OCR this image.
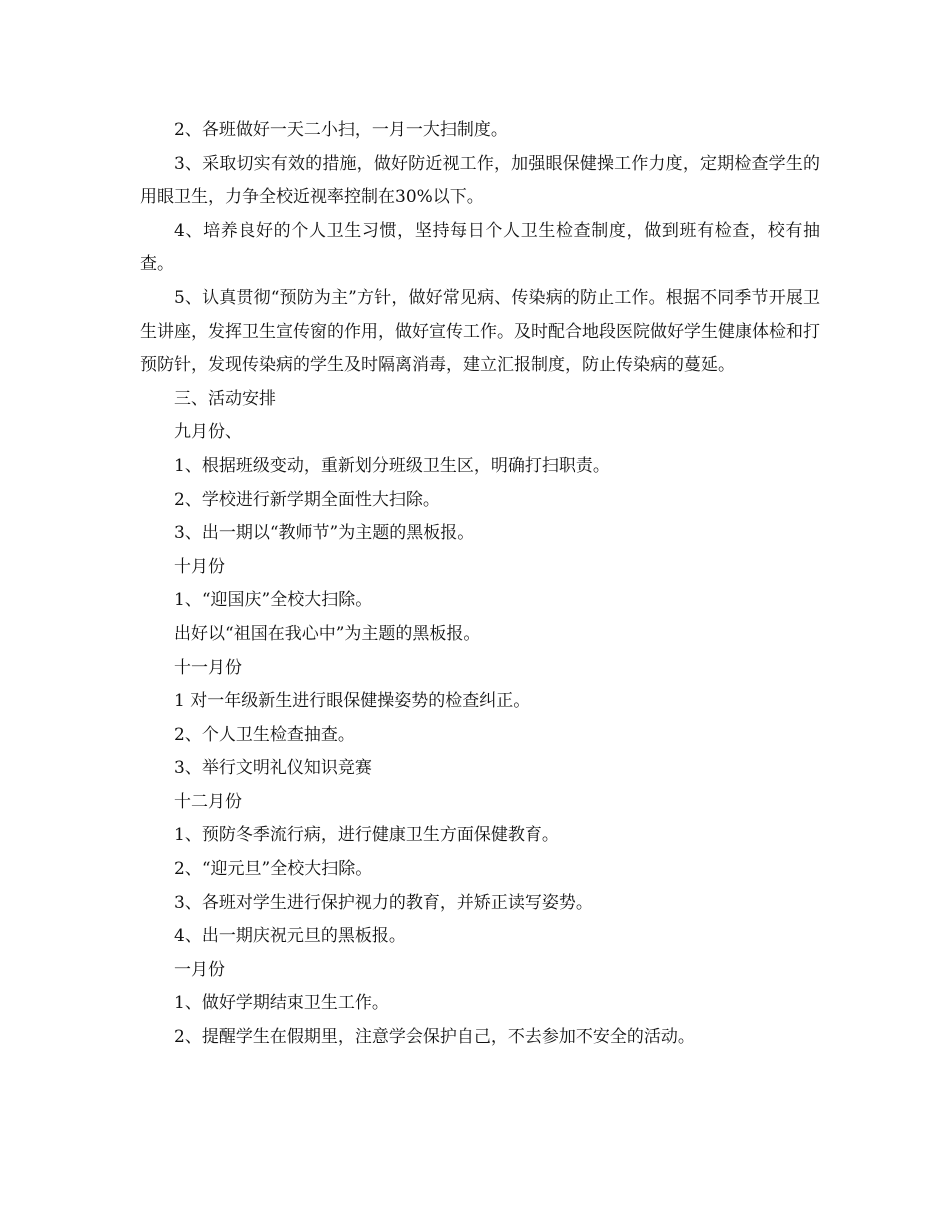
2、各班做好一天二小扫，一月一大扫制度。

3、采取切实有效的措施，做好防近视工作，加强眼保健操工作力度，定期检查学生的用眼卫生，力争全校近视率控制在30%以下。

4、培养良好的个人卫生习惯，坚持每日个人卫生检查制度，做到班有检查，校有抽查。

5、认真贯彻“预防为主”方针，做好常见病、传染病的防止工作。根据不同季节开展卫生讲座，发挥卫生宣传窗的作用，做好宣传工作。及时配合地段医院做好学生健康体检和打预防针，发现传染病的学生及时隔离消毒，建立汇报制度，防止传染病的蔓延。

三、活动安排

九月份、

1、根据班级变动，重新划分班级卫生区，明确打扫职责。

2、学校进行新学期全面性大扫除。

3、出一期以“教师节”为主题的黑板报。

十月份

1、“迎国庆”全校大扫除。

出好以“祖国在我心中”为主题的黑板报。

十一月份

1 对一年级新生进行眼保健操姿势的检查纠正。

2、个人卫生检查抽查。

3、举行文明礼仪知识竞赛

十二月份

1、预防冬季流行病，进行健康卫生方面保健教育。

2、“迎元旦”全校大扫除。

3、各班对学生进行保护视力的教育，并矫正读写姿势。

4、出一期庆祝元旦的黑板报。

一月份

1、做好学期结束卫生工作。

2、提醒学生在假期里，注意学会保护自己，不去参加不安全的活动。
